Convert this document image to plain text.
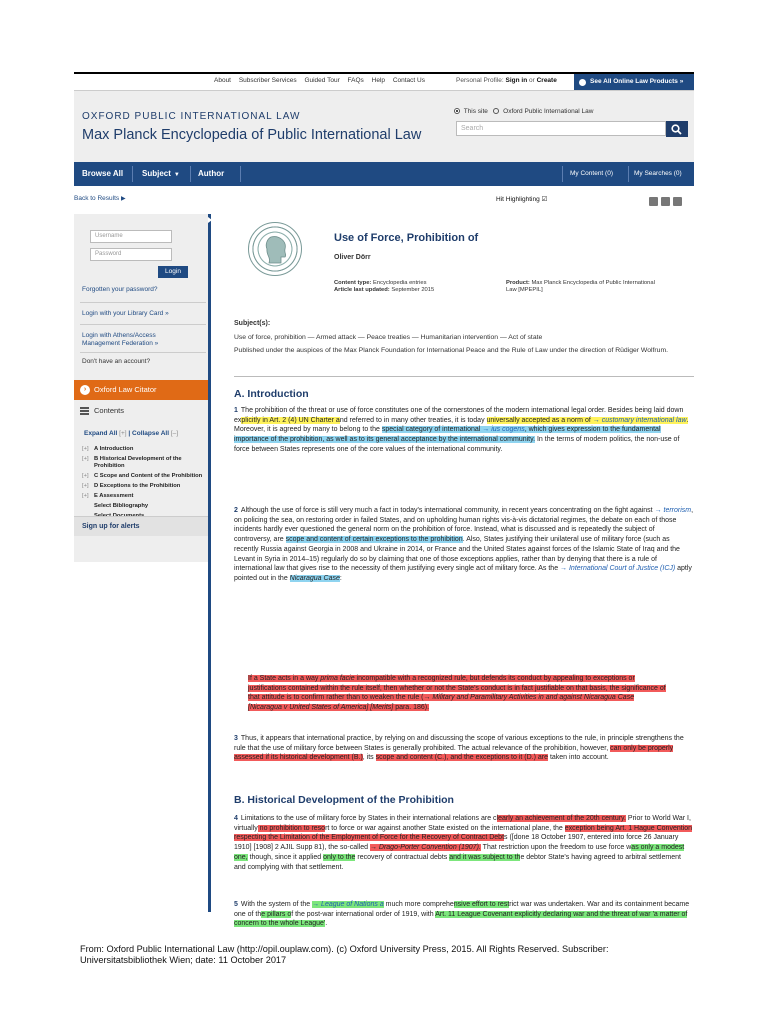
About Subscriber Services Guided Tour FAQs Help Contact Us	Personal Profile: Sign in or Create	See All Online Law Products »
OXFORD PUBLIC INTERNATIONAL LAW
Max Planck Encyclopedia of Public International Law
This site Oxford Public International Law
Search
Browse All Subject ▼ Author	My Content (0)	My Searches (0)
Back to Results ▶	Hit Highlighting ☑
Username
Password
Login
Forgotten your password?
Login with your Library Card »
Login with Athens/Access Management Federation »
Don't have an account?
›	Oxford Law Citator
Contents
Expand All [+] | Collapse All [–]
[+] A Introduction
[+] B Historical Development of the Prohibition
[+] C Scope and Content of the Prohibition
[+] D Exceptions to the Prohibition
[+] E Assessment
Select Bibliography
Sign up for alerts
Use of Force, Prohibition of
Oliver Dörr
Content type: Encyclopedia entries
Article last updated: September 2015
Product: Max Planck Encyclopedia of Public International Law [MPEPIL]
Subject(s):
Use of force, prohibition — Armed attack — Peace treaties — Humanitarian intervention — Act of state
Published under the auspices of the Max Planck Foundation for International Peace and the Rule of Law under the direction of Rüdiger Wolfrum.
A. Introduction
1 The prohibition of the threat or use of force constitutes one of the cornerstones of the modern international legal order. Besides being laid down explicitly in Art. 2 (4) UN Charter and referred to in many other treaties, it is today universally accepted as a norm of → customary international law. Moreover, it is agreed by many to belong to the special category of international → ius cogens, which gives expression to the fundamental importance of the prohibition, as well as to its general acceptance by the international community. In the terms of modern politics, the non-use of force between States represents one of the core values of the international community.
2 Although the use of force is still very much a fact in today's international community, in recent years concentrating on the fight against → terrorism, on policing the sea, on restoring order in failed States, and on upholding human rights vis-à-vis dictatorial regimes, the debate on each of those incidents hardly ever questioned the general norm on the prohibition of force. Instead, what is discussed and is repeatedly the subject of controversy, are scope and content of certain exceptions to the prohibition. Also, States justifying their unilateral use of military force (such as recently Russia against Georgia in 2008 and Ukraine in 2014, or France and the United States against forces of the Islamic State of Iraq and the Levant in Syria in 2014–15) regularly do so by claiming that one of those exceptions applies, rather than by denying that there is a rule of international law that gives rise to the necessity of them justifying every single act of military force. As the → International Court of Justice (ICJ) aptly pointed out in the Nicaragua Case:
If a State acts in a way prima facie incompatible with a recognized rule, but defends its conduct by appealing to exceptions or justifications contained within the rule itself, then whether or not the State's conduct is in fact justifiable on that basis, the significance of that attitude is to confirm rather than to weaken the rule (→ Military and Paramilitary Activities in and against Nicaragua Case [Nicaragua v United States of America] [Merits] para. 186).
3 Thus, it appears that international practice, by relying on and discussing the scope of various exceptions to the rule, in principle strengthens the rule that the use of military force between States is generally prohibited. The actual relevance of the prohibition, however, can only be properly assessed if its historical development (B.), its scope and content (C.), and the exceptions to it (D.) are taken into account.
B. Historical Development of the Prohibition
4 Limitations to the use of military force by States in their international relations are clearly an achievement of the 20th century. Prior to World War I, virtually no prohibition to resort to force or war against another State existed on the international plane, the exception being Art. 1 Hague Convention respecting the Limitation of the Employment of Force for the Recovery of Contract Debts ([done 18 October 1907, entered into force 26 January 1910] [1908] 2 AJIL Supp 81), the so-called → Drago-Porter Convention (1907). That restriction upon the freedom to use force was only a modest one, though, since it applied only to the recovery of contractual debts and it was subject to the debtor State's having agreed to arbitral settlement and complying with that settlement.
5 With the system of the → League of Nations a much more comprehensive effort to restrict war was undertaken. War and its containment became one of the pillars of the post-war international order of 1919, with Art. 11 League Covenant explicitly declaring war and the threat of war 'a matter of concern to the whole League'.
From: Oxford Public International Law (http://opil.ouplaw.com). (c) Oxford University Press, 2015. All Rights Reserved. Subscriber: Universitatsbibliothek Wien; date: 11 October 2017
